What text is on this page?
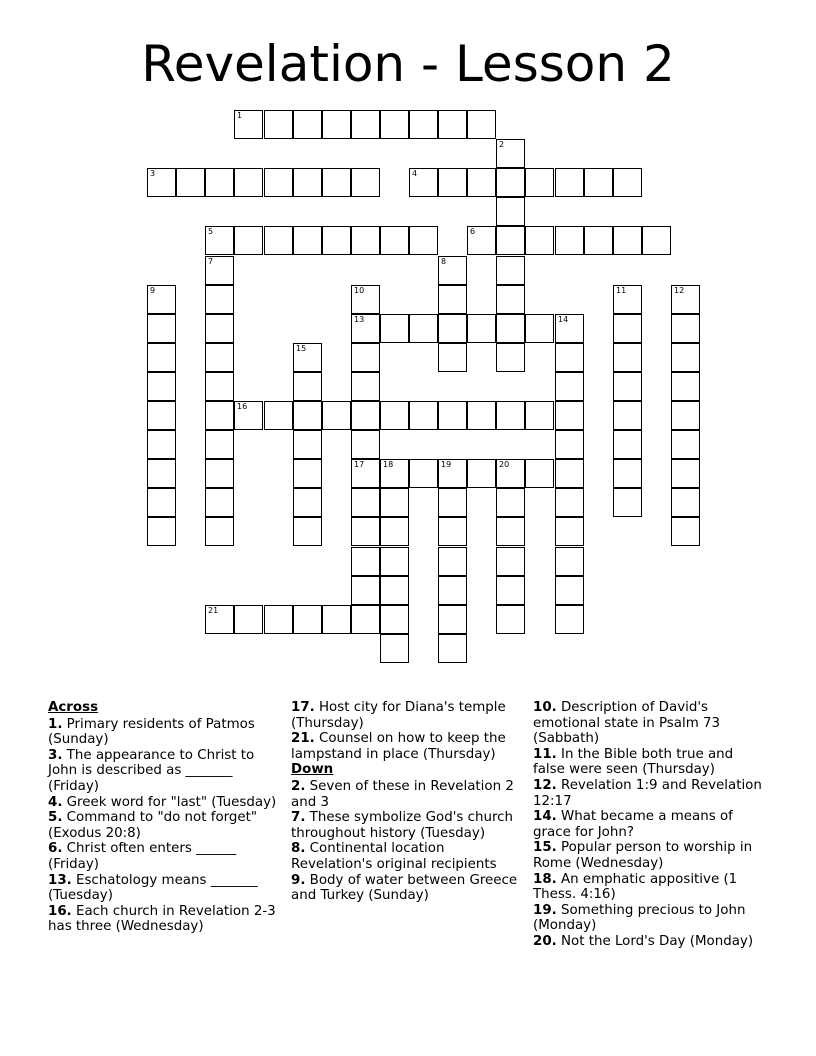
Revelation - Lesson 2
1
3	4
5	6
13
16
17 18	19	20
21
2
7	8
9	10	11	12
14
15
Across
1. Primary residents of Patmos (Sunday)
3. The appearance to Christ to John is described as _______ (Friday)
4. Greek word for "last" (Tuesday)
5. Command to "do not forget" (Exodus 20:8)
6. Christ often enters ______ (Friday)
13. Eschatology means _______ (Tuesday)
16. Each church in Revelation 2-3 has three (Wednesday)
17. Host city for Diana's temple (Thursday)
21. Counsel on how to keep the lampstand in place (Thursday)
Down
2. Seven of these in Revelation 2 and 3
7. These symbolize God's church throughout history (Tuesday)
8. Continental location Revelation's original recipients
9. Body of water between Greece and Turkey (Sunday)
10. Description of David's emotional state in Psalm 73 (Sabbath)
11. In the Bible both true and false were seen (Thursday)
12. Revelation 1:9 and Revelation 12:17
14. What became a means of grace for John?
15. Popular person to worship in Rome (Wednesday)
18. An emphatic appositive (1 Thess. 4:16)
19. Something precious to John (Monday)
20. Not the Lord's Day (Monday)
